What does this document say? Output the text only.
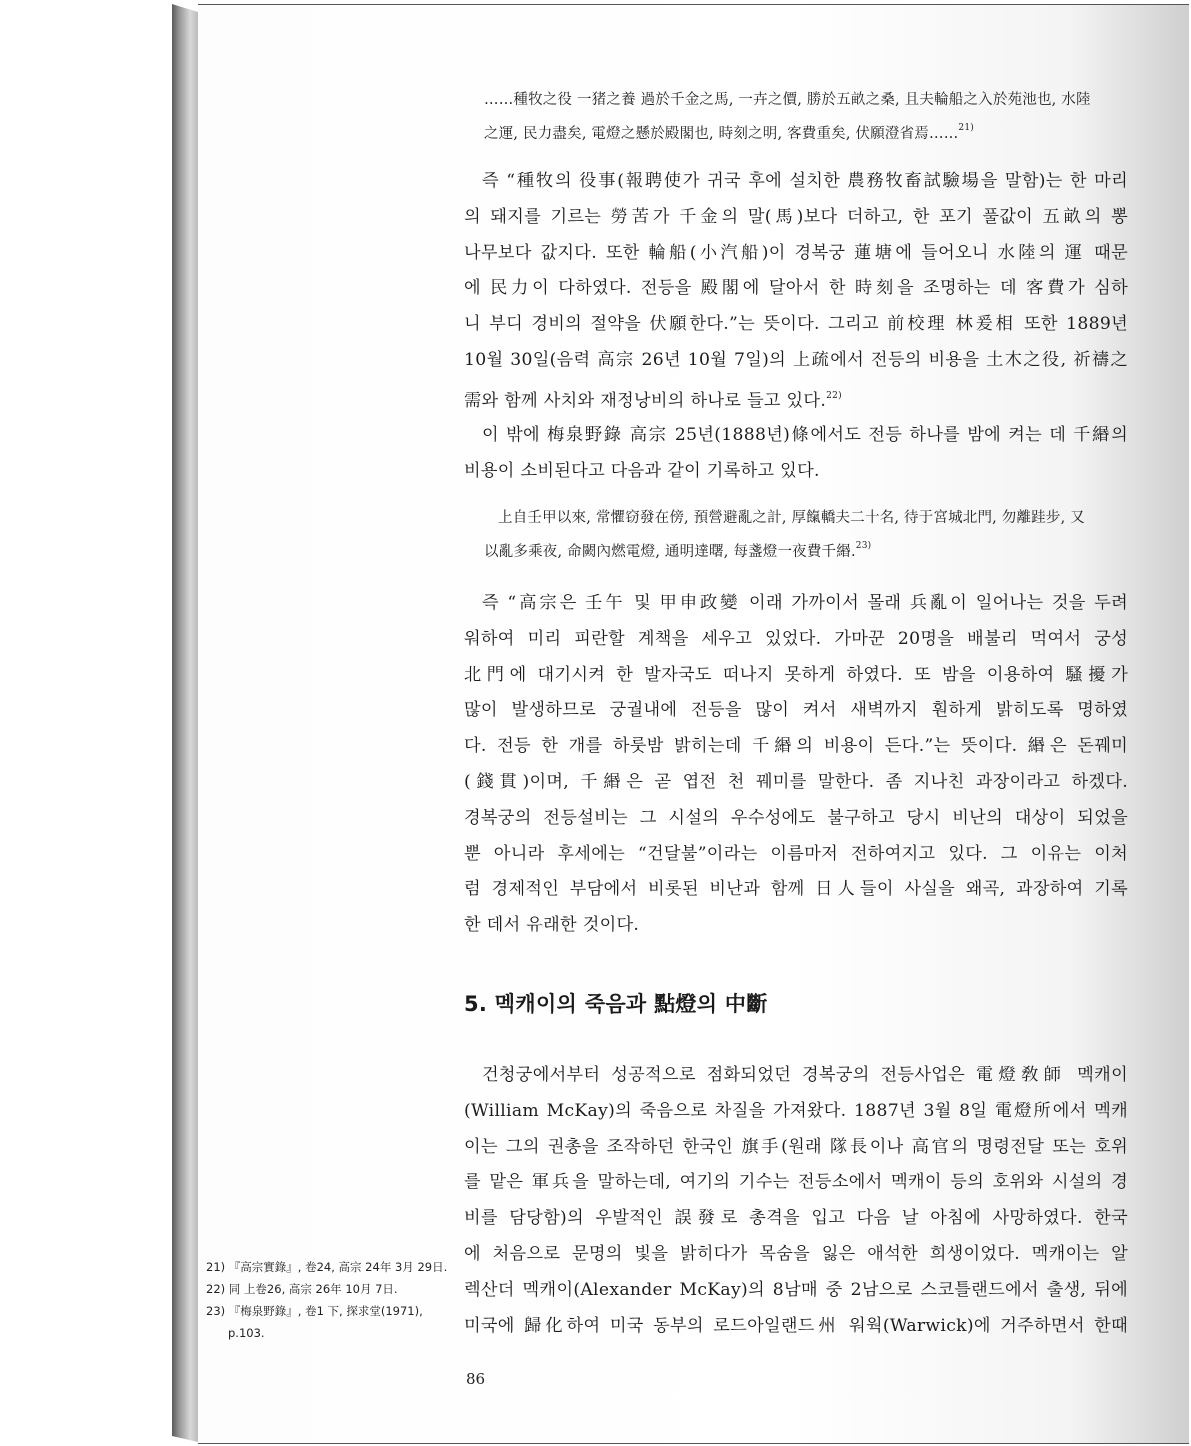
……種牧之役 一猪之養 過於千金之馬, 一卉之價, 勝於五畝之桑, 且夫輪船之入於苑池也, 水陸
之運, 民力盡矣, 電燈之懸於殿閣也, 時刻之明, 客費重矣, 伏願澄省焉……$^{21)}$
즉 “種牧의 役事(報聘使가 귀국 후에 설치한 農務牧畜試驗場을 말함)는 한 마리
의 돼지를 기르는 勞苦가 千金의 말(馬)보다 더하고, 한 포기 풀값이 五畝의 뽕
나무보다 값지다. 또한 輪船(小汽船)이 경복궁 蓮塘에 들어오니 水陸의 運 때문
에 民力이 다하였다. 전등을 殿閣에 달아서 한 時刻을 조명하는 데 客費가 심하
니 부디 경비의 절약을 伏願한다.”는 뜻이다. 그리고 前校理 林爰相 또한 1889년
10월 30일(음력 高宗 26년 10월 7일)의 上疏에서 전등의 비용을 土木之役, 祈禱之
需와 함께 사치와 재정낭비의 하나로 들고 있다.$^{22)}$
이 밖에 梅泉野錄 高宗 25년(1888년)條에서도 전등 하나를 밤에 켜는 데 千緡의
비용이 소비된다고 다음과 같이 기록하고 있다.
上自壬甲以來, 常懼窃發在傍, 預營避亂之計, 厚餼轎夫二十名, 待于宮城北門, 勿離跬步, 又
以亂多乘夜, 命闕內燃電燈, 通明達曙, 每盞燈一夜費千緡.$^{23)}$
즉 “高宗은 壬午 및 甲申政變 이래 가까이서 몰래 兵亂이 일어나는 것을 두려
워하여 미리 피란할 계책을 세우고 있었다. 가마꾼 20명을 배불리 먹여서 궁성
北門에 대기시켜 한 발자국도 떠나지 못하게 하였다. 또 밤을 이용하여 騷擾가
많이 발생하므로 궁궐내에 전등을 많이 켜서 새벽까지 훤하게 밝히도록 명하였
다. 전등 한 개를 하룻밤 밝히는데 千緡의 비용이 든다.”는 뜻이다. 緡은 돈꿰미
(錢貫)이며, 千緡은 곧 엽전 천 꿰미를 말한다. 좀 지나친 과장이라고 하겠다.
경복궁의 전등설비는 그 시설의 우수성에도 불구하고 당시 비난의 대상이 되었을
뿐 아니라 후세에는 “건달불”이라는 이름마저 전하여지고 있다. 그 이유는 이처
럼 경제적인 부담에서 비롯된 비난과 함께 日人들이 사실을 왜곡, 과장하여 기록
한 데서 유래한 것이다.
5. 멕캐이의 죽음과 點燈의 中斷
건청궁에서부터 성공적으로 점화되었던 경복궁의 전등사업은 電燈敎師 멕캐이
(William McKay)의 죽음으로 차질을 가져왔다. 1887년 3월 8일 電燈所에서 멕캐
이는 그의 권총을 조작하던 한국인 旗手(원래 隊長이나 高官의 명령전달 또는 호위
를 맡은 軍兵을 말하는데, 여기의 기수는 전등소에서 멕캐이 등의 호위와 시설의 경
비를 담당함)의 우발적인 誤發로 총격을 입고 다음 날 아침에 사망하였다. 한국
에 처음으로 문명의 빛을 밝히다가 목숨을 잃은 애석한 희생이었다. 멕캐이는 알
렉산더 멕캐이(Alexander McKay)의 8남매 중 2남으로 스코틀랜드에서 출생, 뒤에
미국에 歸化하여 미국 동부의 로드아일랜드州 워웍(Warwick)에 거주하면서 한때
21) 『高宗實錄』, 卷24, 高宗 24年 3月 29日.
22) 同 上卷26, 高宗 26年 10月 7日.
23) 『梅泉野錄』, 卷1 下, 探求堂(1971),
p.103.
86
